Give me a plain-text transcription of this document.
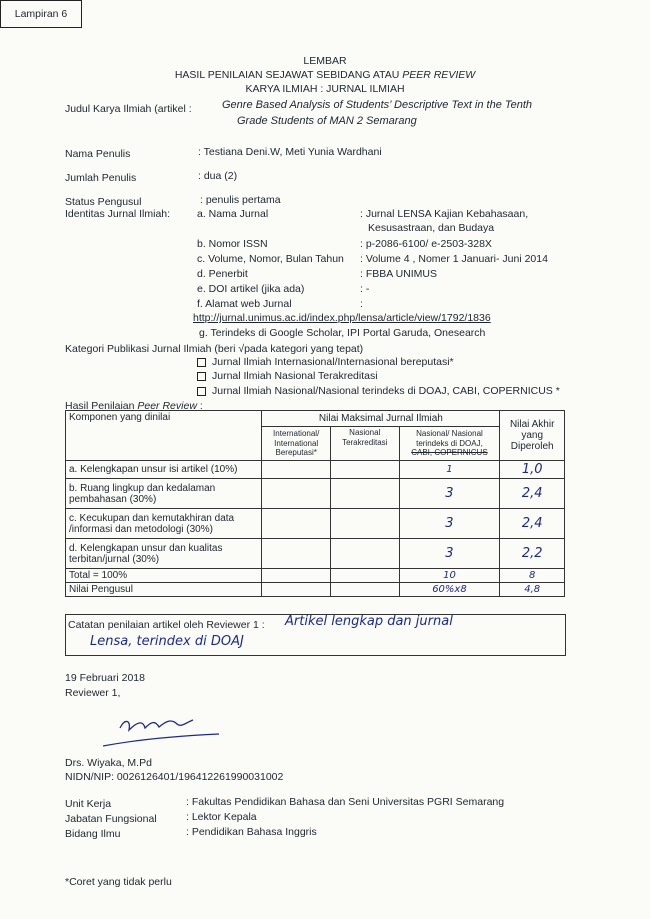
Lampiran 6
LEMBAR
HASIL PENILAIAN SEJAWAT SEBIDANG ATAU PEER REVIEW
KARYA ILMIAH : JURNAL ILMIAH
Judul Karya Ilmiah (artikel :	Genre Based Analysis of Students’ Descriptive Text in the Tenth
Grade Students of MAN 2 Semarang
Nama Penulis	: Testiana Deni.W, Meti Yunia Wardhani
Jumlah Penulis	: dua (2)
Status Pengusul	: penulis pertama
Identitas Jurnal Ilmiah:	a. Nama Jurnal	: Jurnal LENSA Kajian Kebahasaan,
Kesusastraan, dan Budaya
b. Nomor ISSN	: p-2086-6100/ e-2503-328X
c. Volume, Nomor, Bulan Tahun : Volume 4 , Nomer 1 Januari- Juni 2014
d. Penerbit	: FBBA UNIMUS
e. DOI artikel (jika ada)	: -
f. Alamat web Jurnal	:
http://jurnal.unimus.ac.id/index.php/lensa/article/view/1792/1836
g. Terindeks di Google Scholar, IPI Portal Garuda, Onesearch
Kategori Publikasi Jurnal Ilmiah (beri √pada kategori yang tepat)
Jurnal Ilmiah Internasional/Internasional bereputasi*
Jurnal Ilmiah Nasional Terakreditasi
Jurnal Ilmiah Nasional/Nasional terindeks di DOAJ, CABI, COPERNICUS *
Hasil Penilaian Peer Review :
Komponen yang dinilai	Nilai Maksimal Jurnal Ilmiah			Nilai Akhir yang Diperoleh
	International/ International Bereputasi*	Nasional Terakreditasi	Nasional/ Nasional terindeks di DOAJ,
CABI, COPERNICUS	
a. Kelengkapan unsur isi artikel (10%)			1	1,0
b. Ruang lingkup dan kedalaman pembahasan (30%)			3	2,4
c. Kecukupan dan kemutakhiran data /informasi dan metodologi (30%)			3	2,4
d. Kelengkapan unsur dan kualitas terbitan/jurnal (30%)			3	2,2
Total = 100%			10	8
Nilai Pengusul			60%x8	4,8
Catatan penilaian artikel oleh Reviewer 1 : Artikel lengkap dan jurnal
Lensa, terindex di DOAJ
19 Februari 2018
Reviewer 1,
Drs. Wiyaka, M.Pd
NIDN/NIP: 0026126401/196412261990031002
Unit Kerja	: Fakultas Pendidikan Bahasa dan Seni Universitas PGRI Semarang
Jabatan Fungsional	: Lektor Kepala
Bidang Ilmu	: Pendidikan Bahasa Inggris
*Coret yang tidak perlu
